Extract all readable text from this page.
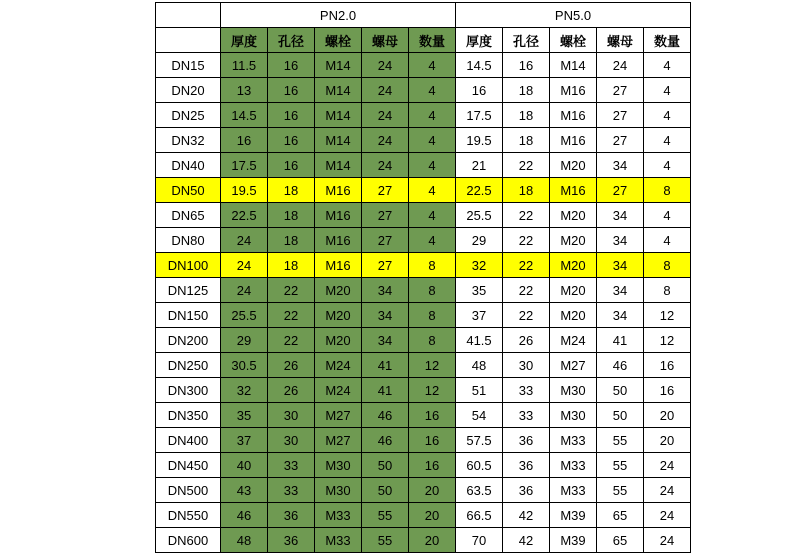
	PN2.0					PN5.0				
	厚度	孔径	螺栓	螺母	数量	厚度	孔径	螺栓	螺母	数量
DN15	11.5	16	M14	24	4	14.5	16	M14	24	4
DN20	13	16	M14	24	4	16	18	M16	27	4
DN25	14.5	16	M14	24	4	17.5	18	M16	27	4
DN32	16	16	M14	24	4	19.5	18	M16	27	4
DN40	17.5	16	M14	24	4	21	22	M20	34	4
DN50	19.5	18	M16	27	4	22.5	18	M16	27	8
DN65	22.5	18	M16	27	4	25.5	22	M20	34	4
DN80	24	18	M16	27	4	29	22	M20	34	4
DN100	24	18	M16	27	8	32	22	M20	34	8
DN125	24	22	M20	34	8	35	22	M20	34	8
DN150	25.5	22	M20	34	8	37	22	M20	34	12
DN200	29	22	M20	34	8	41.5	26	M24	41	12
DN250	30.5	26	M24	41	12	48	30	M27	46	16
DN300	32	26	M24	41	12	51	33	M30	50	16
DN350	35	30	M27	46	16	54	33	M30	50	20
DN400	37	30	M27	46	16	57.5	36	M33	55	20
DN450	40	33	M30	50	16	60.5	36	M33	55	24
DN500	43	33	M30	50	20	63.5	36	M33	55	24
DN550	46	36	M33	55	20	66.5	42	M39	65	24
DN600	48	36	M33	55	20	70	42	M39	65	24
